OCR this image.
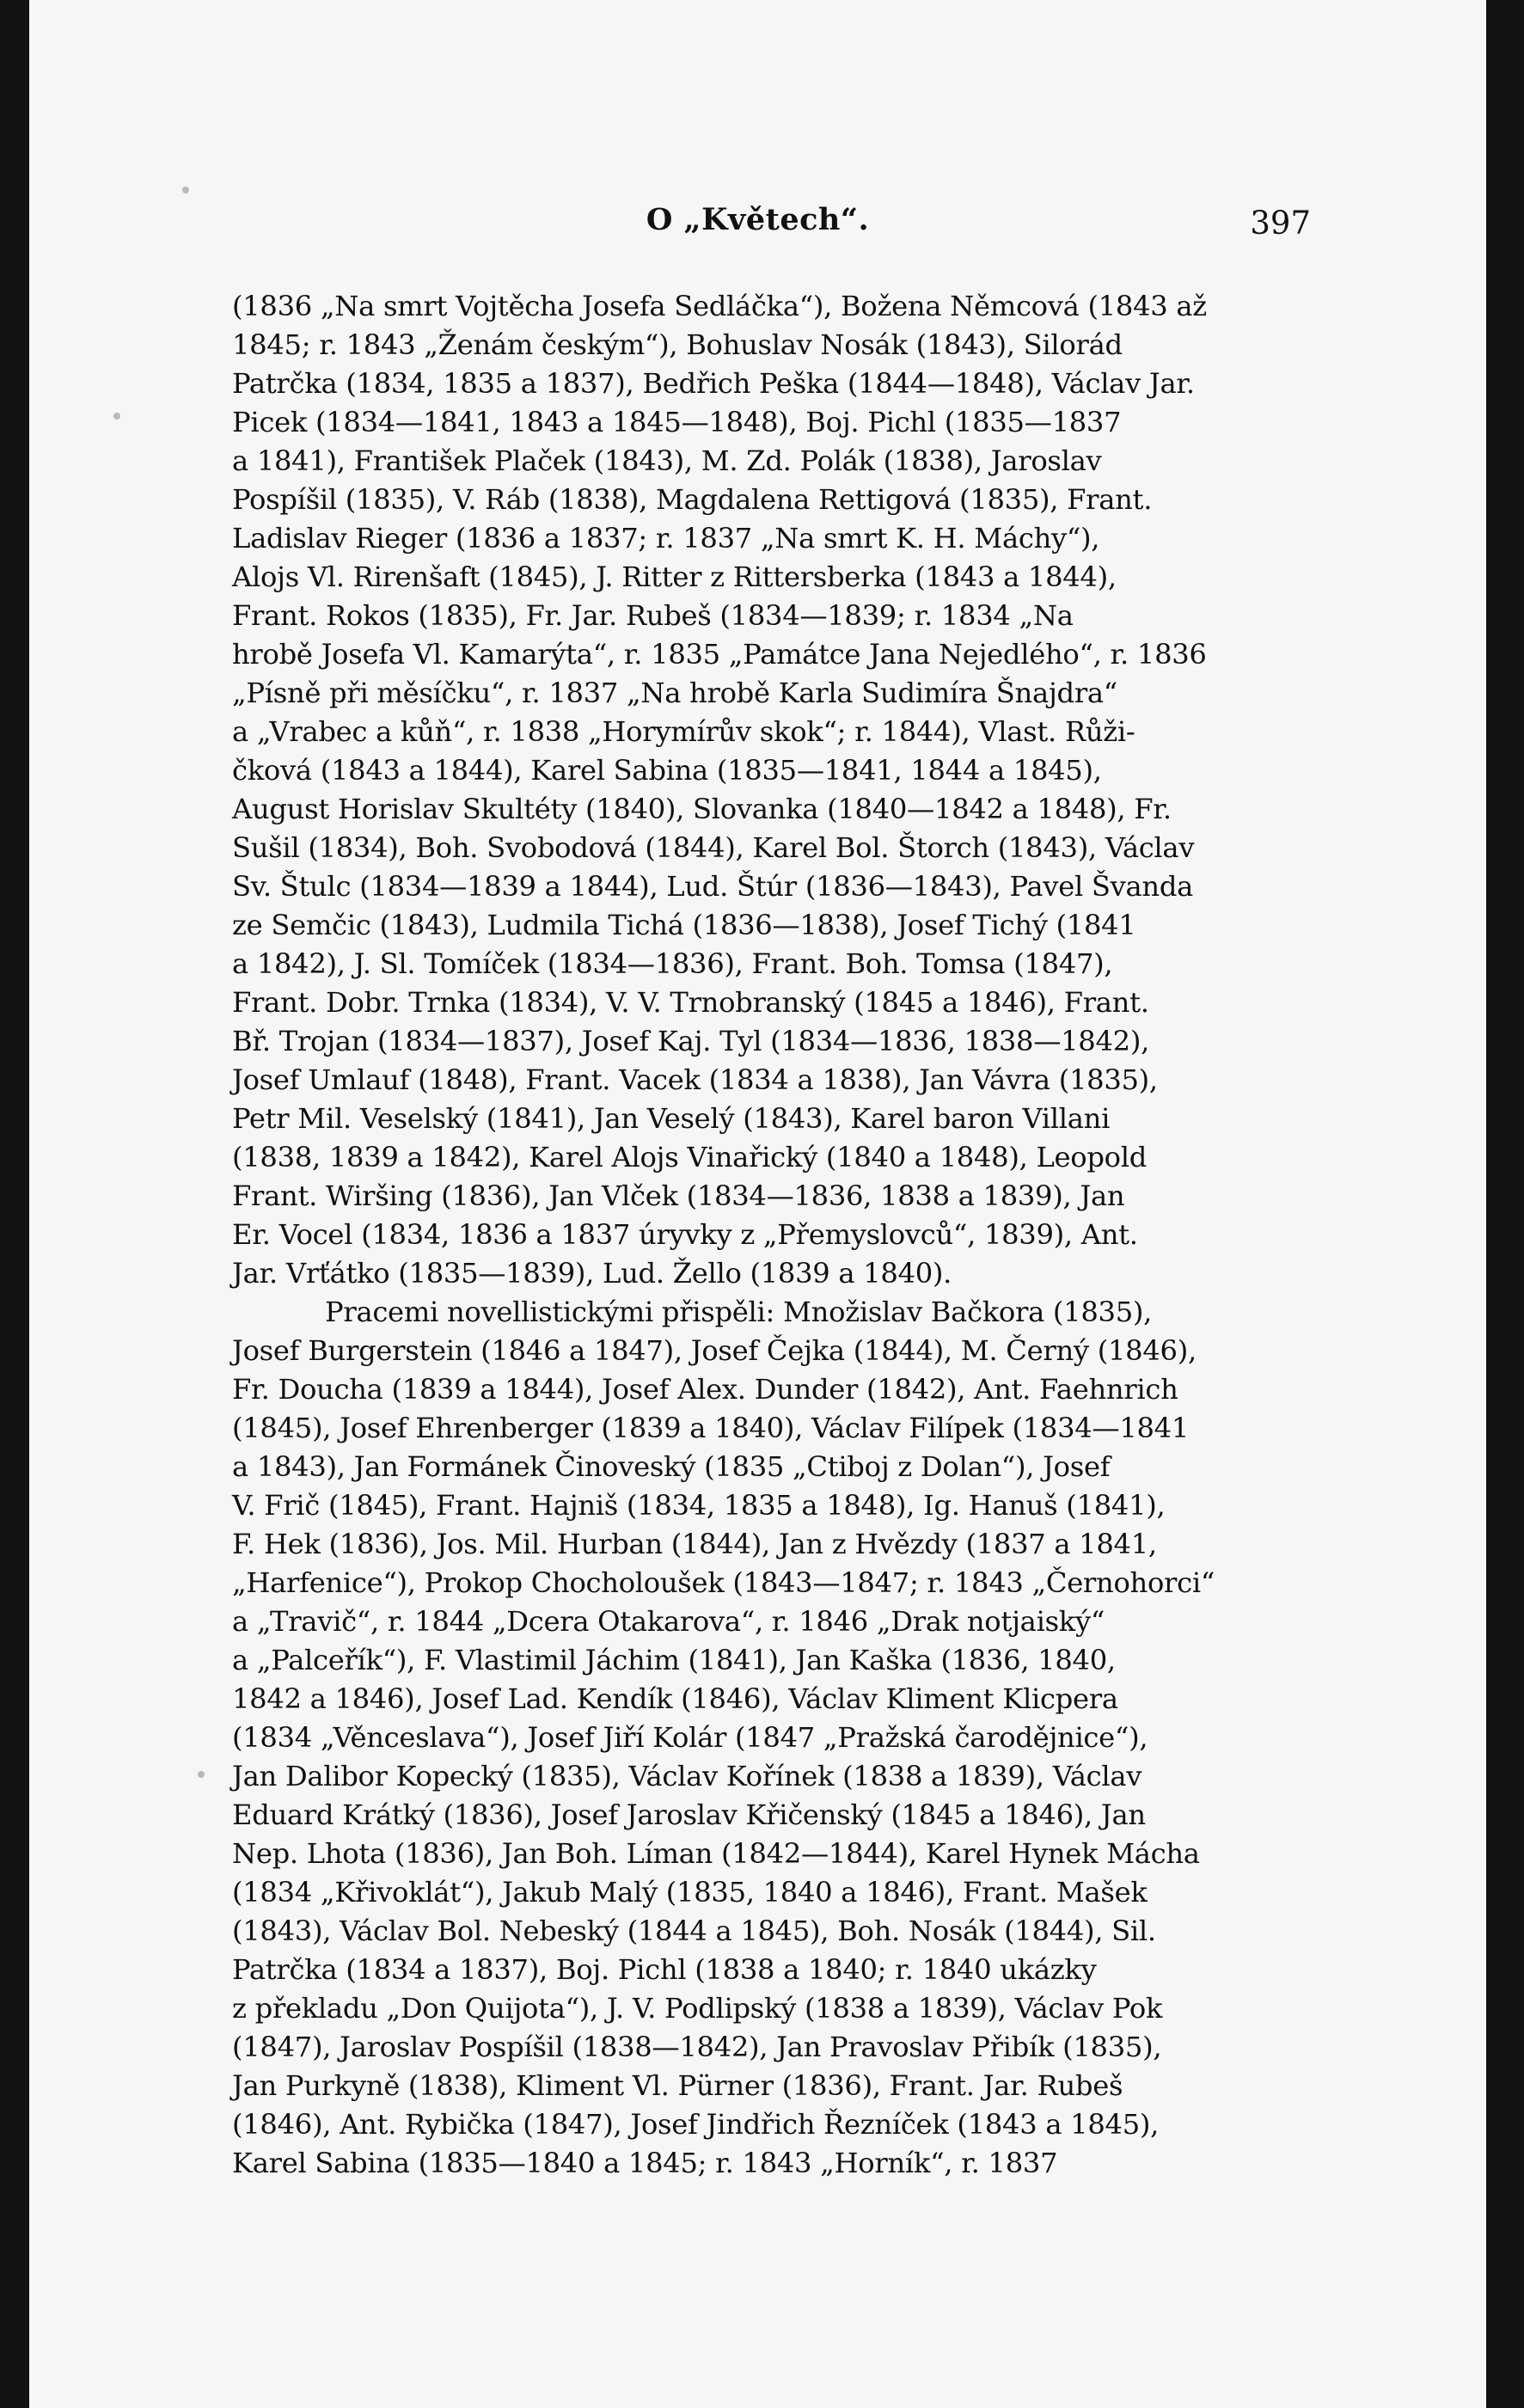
O „Květech“.	397
(1836 „Na smrt Vojtěcha Josefa Sedláčka“), Božena Němcová (1843 až
1845; r. 1843 „Ženám českým“), Bohuslav Nosák (1843), Silorád
Patrčka (1834, 1835 a 1837), Bedřich Peška (1844—1848), Václav Jar.
Picek (1834—1841, 1843 a 1845—1848), Boj. Pichl (1835—1837
a 1841), František Plaček (1843), M. Zd. Polák (1838), Jaroslav
Pospíšil (1835), V. Ráb (1838), Magdalena Rettigová (1835), Frant.
Ladislav Rieger (1836 a 1837; r. 1837 „Na smrt K. H. Máchy“),
Alojs Vl. Rirenšaft (1845), J. Ritter z Rittersberka (1843 a 1844),
Frant. Rokos (1835), Fr. Jar. Rubeš (1834—1839; r. 1834 „Na
hrobě Josefa Vl. Kamarýta“, r. 1835 „Památce Jana Nejedlého“, r. 1836
„Písně při měsíčku“, r. 1837 „Na hrobě Karla Sudimíra Šnajdra“
a „Vrabec a kůň“, r. 1838 „Horymírův skok“; r. 1844), Vlast. Růži-
čková (1843 a 1844), Karel Sabina (1835—1841, 1844 a 1845),
August Horislav Skultéty (1840), Slovanka (1840—1842 a 1848), Fr.
Sušil (1834), Boh. Svobodová (1844), Karel Bol. Štorch (1843), Václav
Sv. Štulc (1834—1839 a 1844), Lud. Štúr (1836—1843), Pavel Švanda
ze Semčic (1843), Ludmila Tichá (1836—1838), Josef Tichý (1841
a 1842), J. Sl. Tomíček (1834—1836), Frant. Boh. Tomsa (1847),
Frant. Dobr. Trnka (1834), V. V. Trnobranský (1845 a 1846), Frant.
Bř. Trojan (1834—1837), Josef Kaj. Tyl (1834—1836, 1838—1842),
Josef Umlauf (1848), Frant. Vacek (1834 a 1838), Jan Vávra (1835),
Petr Mil. Veselský (1841), Jan Veselý (1843), Karel baron Villani
(1838, 1839 a 1842), Karel Alojs Vinařický (1840 a 1848), Leopold
Frant. Wiršing (1836), Jan Vlček (1834—1836, 1838 a 1839), Jan
Er. Vocel (1834, 1836 a 1837 úryvky z „Přemyslovců“, 1839), Ant.
Jar. Vrťátko (1835—1839), Lud. Žello (1839 a 1840).
Pracemi novellistickými přispěli: Množislav Bačkora (1835),
Josef Burgerstein (1846 a 1847), Josef Čejka (1844), M. Černý (1846),
Fr. Doucha (1839 a 1844), Josef Alex. Dunder (1842), Ant. Faehnrich
(1845), Josef Ehrenberger (1839 a 1840), Václav Filípek (1834—1841
a 1843), Jan Formánek Činoveský (1835 „Ctiboj z Dolan“), Josef
V. Frič (1845), Frant. Hajniš (1834, 1835 a 1848), Ig. Hanuš (1841),
F. Hek (1836), Jos. Mil. Hurban (1844), Jan z Hvězdy (1837 a 1841,
„Harfenice“), Prokop Chocholoušek (1843—1847; r. 1843 „Černohorci“
a „Travič“, r. 1844 „Dcera Otakarova“, r. 1846 „Drak notjaiský“
a „Palceřík“), F. Vlastimil Jáchim (1841), Jan Kaška (1836, 1840,
1842 a 1846), Josef Lad. Kendík (1846), Václav Kliment Klicpera
(1834 „Věnceslava“), Josef Jiří Kolár (1847 „Pražská čarodějnice“),
Jan Dalibor Kopecký (1835), Václav Kořínek (1838 a 1839), Václav
Eduard Krátký (1836), Josef Jaroslav Křičenský (1845 a 1846), Jan
Nep. Lhota (1836), Jan Boh. Líman (1842—1844), Karel Hynek Mácha
(1834 „Křivoklát“), Jakub Malý (1835, 1840 a 1846), Frant. Mašek
(1843), Václav Bol. Nebeský (1844 a 1845), Boh. Nosák (1844), Sil.
Patrčka (1834 a 1837), Boj. Pichl (1838 a 1840; r. 1840 ukázky
z překladu „Don Quijota“), J. V. Podlipský (1838 a 1839), Václav Pok
(1847), Jaroslav Pospíšil (1838—1842), Jan Pravoslav Přibík (1835),
Jan Purkyně (1838), Kliment Vl. Pürner (1836), Frant. Jar. Rubeš
(1846), Ant. Rybička (1847), Josef Jindřich Řezníček (1843 a 1845),
Karel Sabina (1835—1840 a 1845; r. 1843 „Horník“, r. 1837
